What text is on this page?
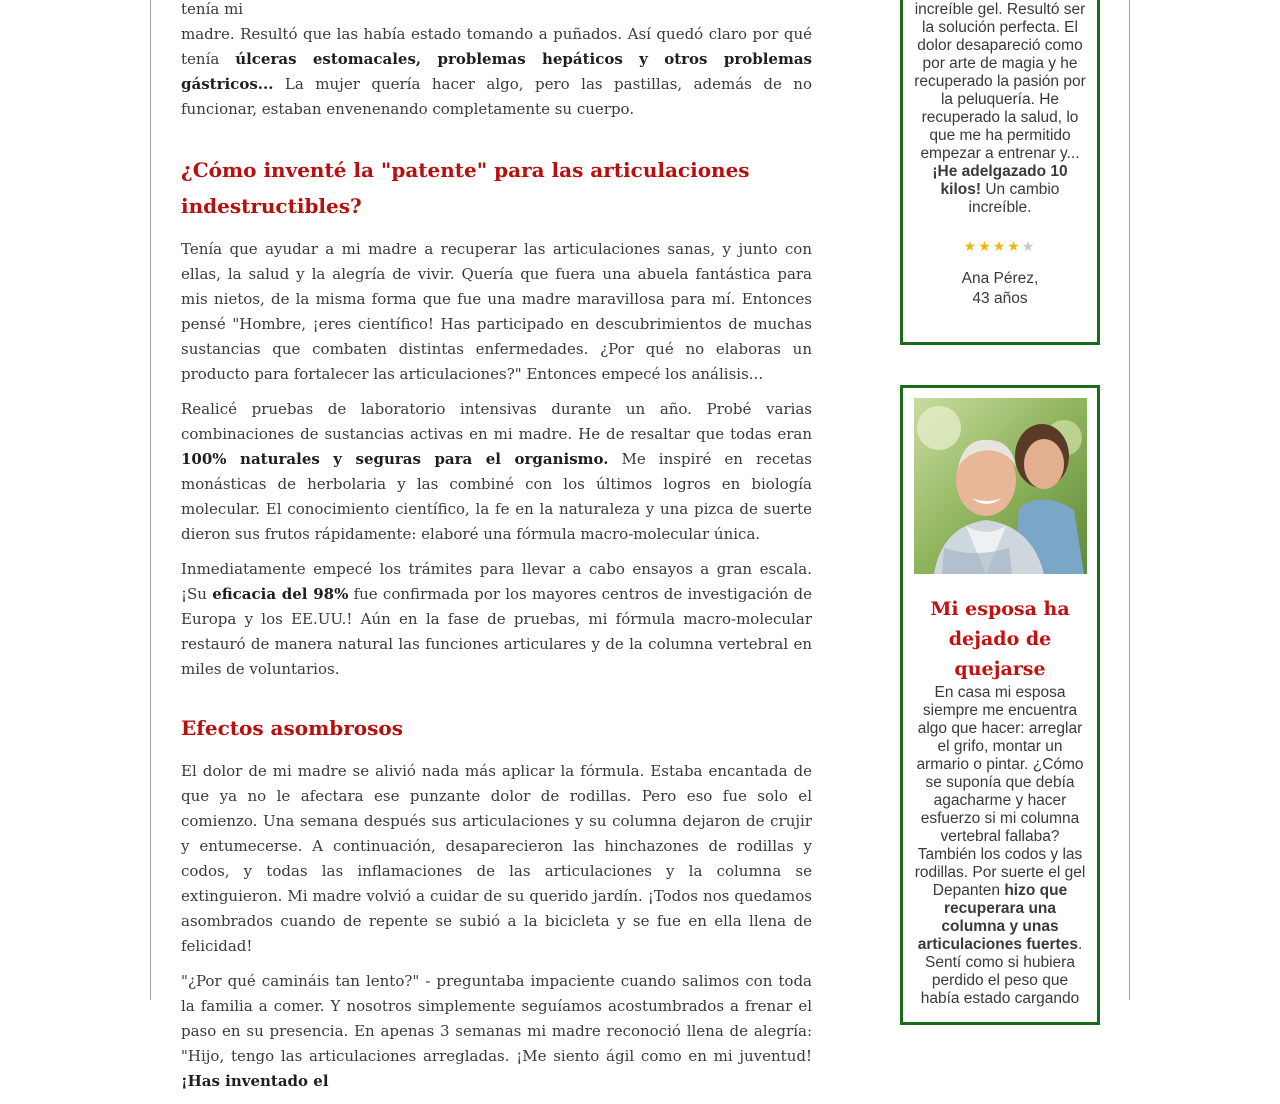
tenía mi

madre. Resultó que las había estado tomando a puñados. Así quedó claro por qué tenía úlceras estomacales, problemas hepáticos y otros problemas gástricos... La mujer quería hacer algo, pero las pastillas, además de no funcionar, estaban envenenando completamente su cuerpo.

¿Cómo inventé la "patente" para las articulaciones indestructibles?

Tenía que ayudar a mi madre a recuperar las articulaciones sanas, y junto con ellas, la salud y la alegría de vivir. Quería que fuera una abuela fantástica para mis nietos, de la misma forma que fue una madre maravillosa para mí. Entonces pensé "Hombre, ¡eres científico! Has participado en descubrimientos de muchas sustancias que combaten distintas enfermedades. ¿Por qué no elaboras un producto para fortalecer las articulaciones?" Entonces empecé los análisis...

Realicé pruebas de laboratorio intensivas durante un año. Probé varias combinaciones de sustancias activas en mi madre. He de resaltar que todas eran 100% naturales y seguras para el organismo. Me inspiré en recetas monásticas de herbolaria y las combiné con los últimos logros en biología molecular. El conocimiento científico, la fe en la naturaleza y una pizca de suerte dieron sus frutos rápidamente: elaboré una fórmula macro-molecular única.

Inmediatamente empecé los trámites para llevar a cabo ensayos a gran escala. ¡Su eficacia del 98% fue confirmada por los mayores centros de investigación de Europa y los EE.UU.! Aún en la fase de pruebas, mi fórmula macro-molecular restauró de manera natural las funciones articulares y de la columna vertebral en miles de voluntarios.

Efectos asombrosos

El dolor de mi madre se alivió nada más aplicar la fórmula. Estaba encantada de que ya no le afectara ese punzante dolor de rodillas. Pero eso fue solo el comienzo. Una semana después sus articulaciones y su columna dejaron de crujir y entumecerse. A continuación, desaparecieron las hinchazones de rodillas y codos, y todas las inflamaciones de las articulaciones y la columna se extinguieron. Mi madre volvió a cuidar de su querido jardín. ¡Todos nos quedamos asombrados cuando de repente se subió a la bicicleta y se fue en ella llena de felicidad!

"¿Por qué camináis tan lento?" - preguntaba impaciente cuando salimos con toda la familia a comer. Y nosotros simplemente seguíamos acostumbrados a frenar el paso en su presencia. En apenas 3 semanas mi madre reconoció llena de alegría: "Hijo, tengo las articulaciones arregladas. ¡Me siento ágil como en mi juventud! ¡Has inventado el

increíble gel. Resultó ser la solución perfecta. El dolor desapareció como por arte de magia y he recuperado la pasión por la peluquería. He recuperado la salud, lo que me ha permitido empezar a entrenar y... ¡He adelgazado 10 kilos! Un cambio increíble.
★★★★★
Ana Pérez,
43 años
Mi esposa ha dejado de quejarse
En casa mi esposa siempre me encuentra algo que hacer: arreglar el grifo, montar un armario o pintar. ¿Cómo se suponía que debía agacharme y hacer esfuerzo si mi columna vertebral fallaba? También los codos y las rodillas. Por suerte el gel Depanten hizo que recuperara una columna y unas articulaciones fuertes. Sentí como si hubiera perdido el peso que había estado cargando
